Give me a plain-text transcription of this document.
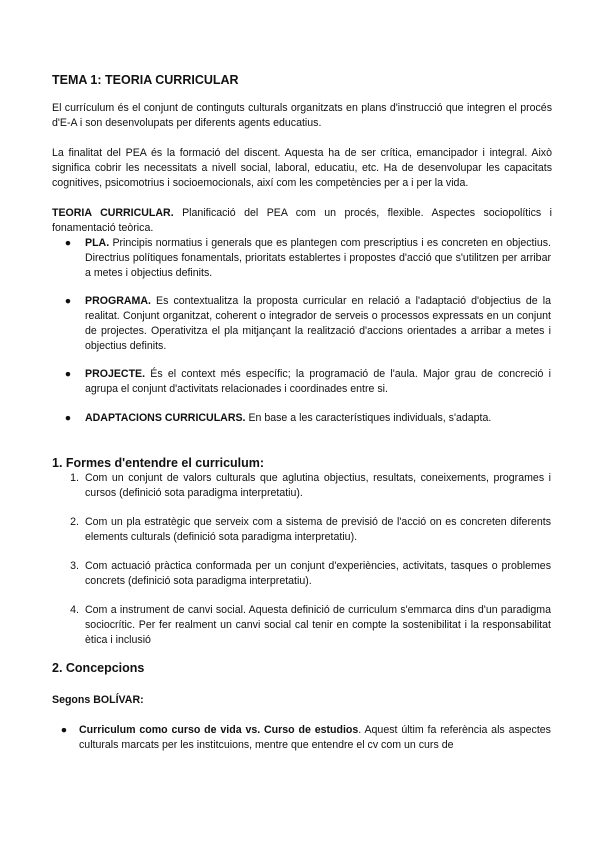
TEMA 1: TEORIA CURRICULAR
El currículum és el conjunt de continguts culturals organitzats en plans d'instrucció que integren el procés d'E-A i son desenvolupats per diferents agents educatius.
La finalitat del PEA és la formació del discent. Aquesta ha de ser crítica, emancipador i integral. Això significa cobrir les necessitats a nivell social, laboral, educatiu, etc. Ha de desenvolupar les capacitats cognitives, psicomotrius i socioemocionals, així com les competències per a i per la vida.
TEORIA CURRICULAR. Planificació del PEA com un procés, flexible. Aspectes sociopolítics i fonamentació teòrica.
●	PLA. Principis normatius i generals que es plantegen com prescriptius i es concreten en objectius. Directrius polítiques fonamentals, prioritats establertes i propostes d'acció que s'utilitzen per arribar a metes i objectius definits.
●	PROGRAMA. Es contextualitza la proposta curricular en relació a l'adaptació d'objectius de la realitat. Conjunt organitzat, coherent o integrador de serveis o processos expressats en un conjunt de projectes. Operativitza el pla mitjançant la realització d'accions orientades a arribar a metes i objectius definits.
●	PROJECTE. És el context més específic; la programació de l'aula. Major grau de concreció i agrupa el conjunt d'activitats relacionades i coordinades entre si.
●	ADAPTACIONS CURRICULARS. En base a les característiques individuals, s'adapta.
1. Formes d'entendre el curriculum:
1. Com un conjunt de valors culturals que aglutina objectius, resultats, coneixements, programes i cursos (definició sota paradigma interpretatiu).
2. Com un pla estratègic que serveix com a sistema de previsió de l'acció on es concreten diferents elements culturals (definició sota paradigma interpretatiu).
3. Com actuació pràctica conformada per un conjunt d'experiències, activitats, tasques o problemes concrets (definició sota paradigma interpretatiu).
4. Com a instrument de canvi social. Aquesta definició de curriculum s'emmarca dins d'un paradigma sociocrític. Per fer realment un canvi social cal tenir en compte la sostenibilitat i la responsabilitat ètica i inclusió
2. Concepcions
Segons BOLÍVAR:
●	Curriculum como curso de vida vs. Curso de estudios. Aquest últim fa referència als aspectes culturals marcats per les institcuions, mentre que entendre el cv com un curs de
